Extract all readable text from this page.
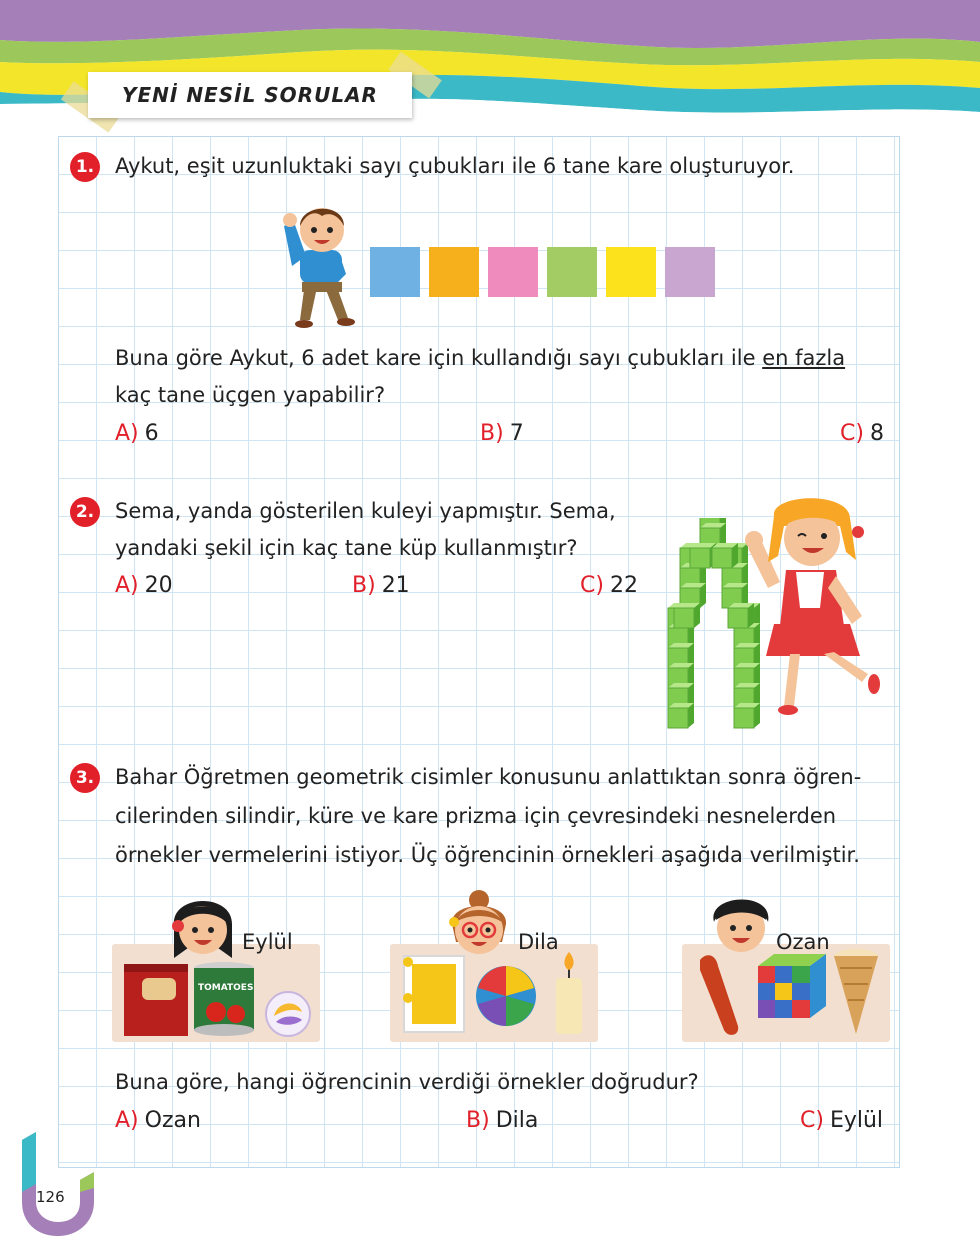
YENİ NESİL SORULAR
1. Aykut, eşit uzunluktaki sayı çubukları ile 6 tane kare oluşturuyor.
Buna göre Aykut, 6 adet kare için kullandığı sayı çubukları ile en fazla
kaç tane üçgen yapabilir?
A) 6	B) 7	C) 8
2. Sema, yanda gösterilen kuleyi yapmıştır. Sema,
yandaki şekil için kaç tane küp kullanmıştır?
A) 20	B) 21	C) 22
3. Bahar Öğretmen geometrik cisimler konusunu anlattıktan sonra öğren-
cilerinden silindir, küre ve kare prizma için çevresindeki nesnelerden
örnekler vermelerini istiyor. Üç öğrencinin örnekleri aşağıda verilmiştir.
Eylül
TOMATOES
Dila	Ozan
Buna göre, hangi öğrencinin verdiği örnekler doğrudur?
A) Ozan	B) Dila	C) Eylül
126
